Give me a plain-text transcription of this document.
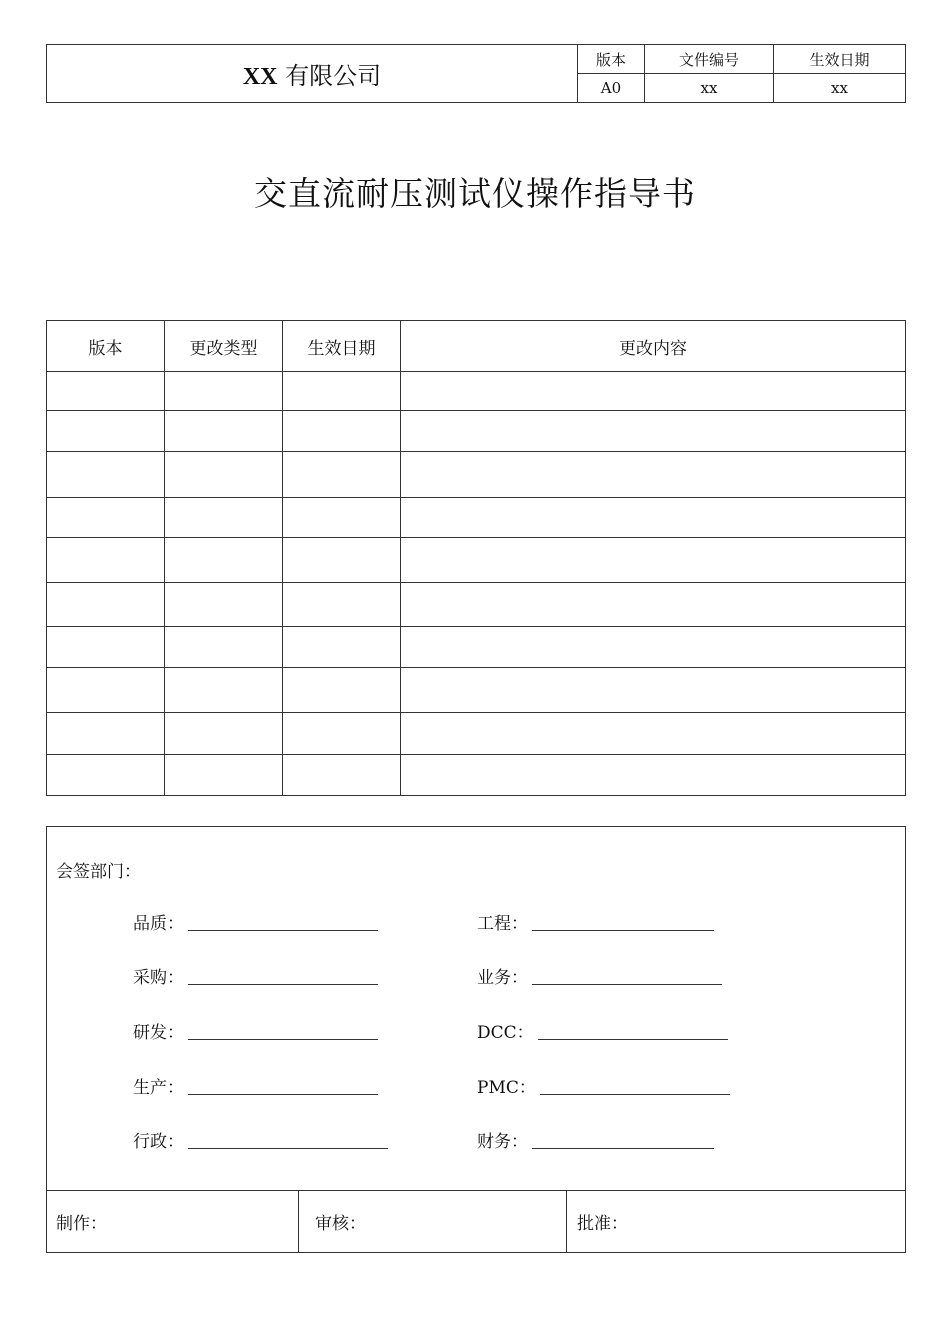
XX 有限公司	版本	文件编号	生效日期
	A0	xx	xx
交直流耐压测试仪操作指导书
版本	更改类型	生效日期	更改内容

会签部门：
品质：	工程：
采购：	业务：
研发：	DCC：
生产：	PMC：
行政：	财务：
制作：	审核：	批准：
